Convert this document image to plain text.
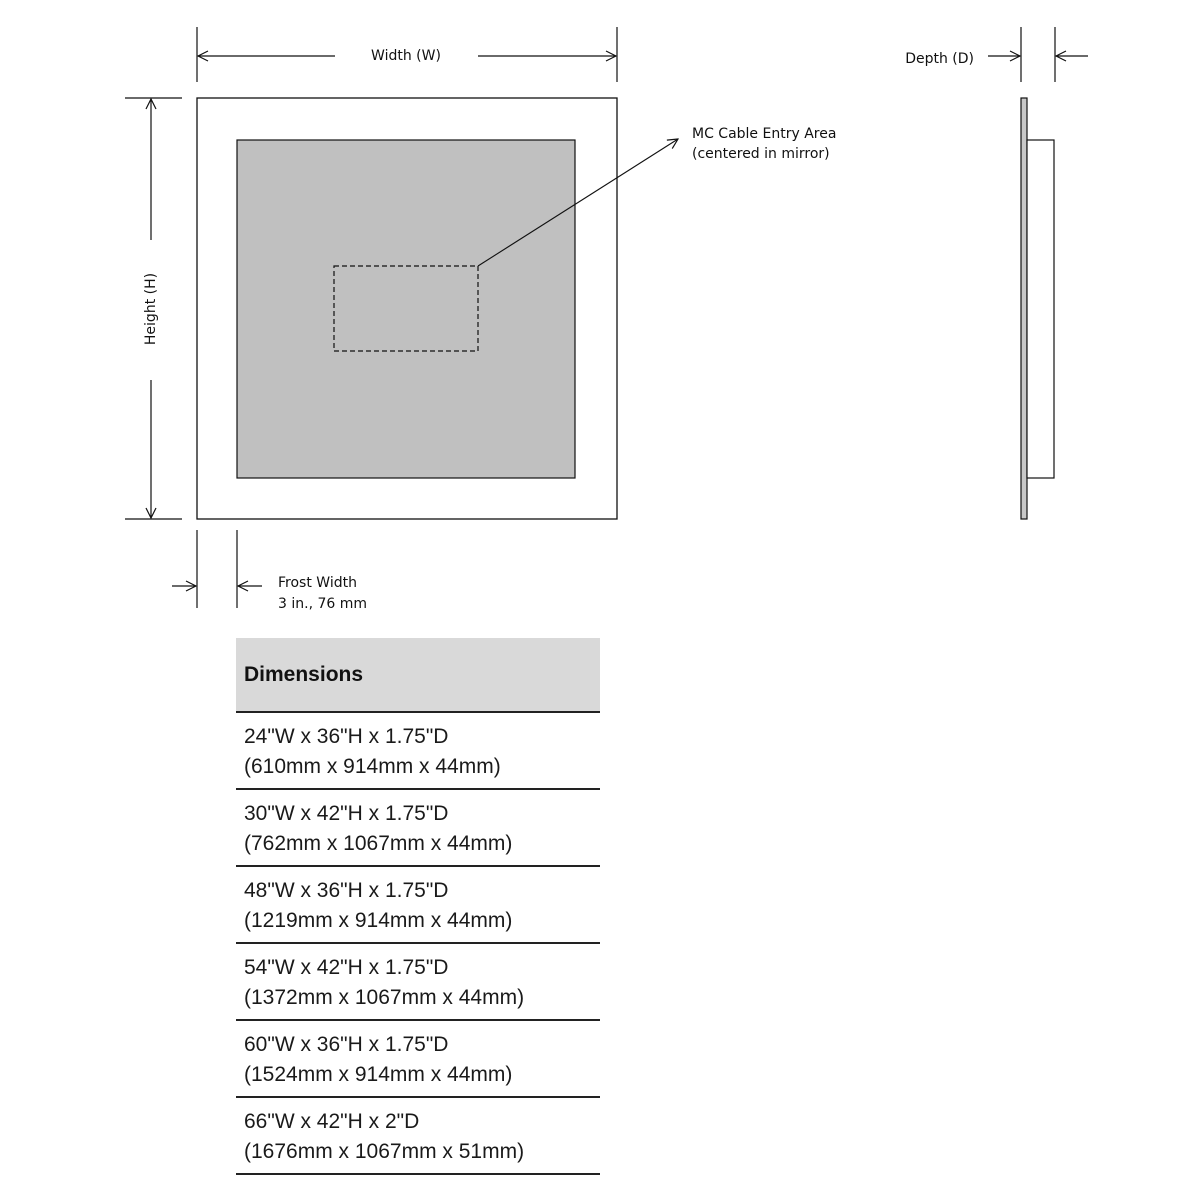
Width (W)	Depth (D)
Height (H)
MC Cable Entry Area
(centered in mirror)
Frost Width
3 in., 76 mm
Dimensions
24"W x 36"H x 1.75"D
(610mm x 914mm x 44mm)
30"W x 42"H x 1.75"D
(762mm x 1067mm x 44mm)
48"W x 36"H x 1.75"D
(1219mm x 914mm x 44mm)
54"W x 42"H x 1.75"D
(1372mm x 1067mm x 44mm)
60"W x 36"H x 1.75"D
(1524mm x 914mm x 44mm)
66"W x 42"H x 2"D
(1676mm x 1067mm x 51mm)
